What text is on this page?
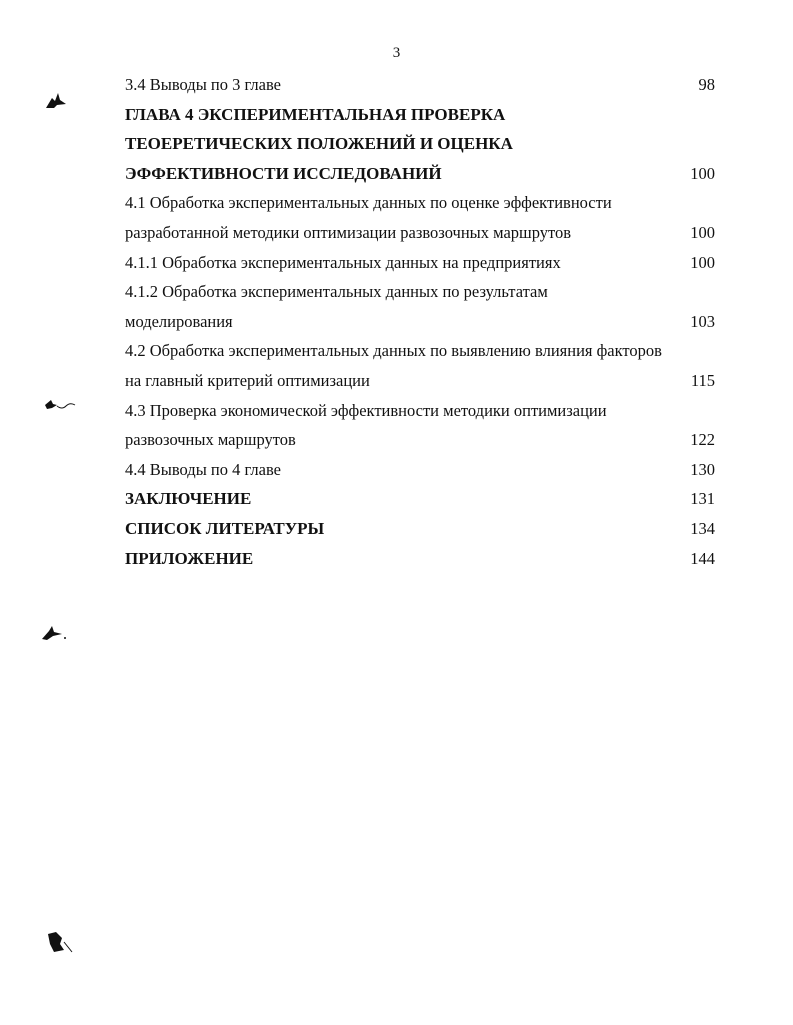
3
3.4 Выводы по 3 главе	98
ГЛАВА 4 ЭКСПЕРИМЕНТАЛЬНАЯ ПРОВЕРКА
ТЕОЕРЕТИЧЕСКИХ ПОЛОЖЕНИЙ И ОЦЕНКА
ЭФФЕКТИВНОСТИ ИССЛЕДОВАНИЙ	100
4.1 Обработка экспериментальных данных по оценке эффективности
разработанной методики оптимизации развозочных маршрутов	100
4.1.1 Обработка экспериментальных данных на предприятиях	100
4.1.2 Обработка экспериментальных данных по результатам
моделирования	103
4.2 Обработка экспериментальных данных по выявлению влияния факторов
на главный критерий оптимизации	115
4.3 Проверка экономической эффективности методики оптимизации
развозочных маршрутов	122
4.4 Выводы по 4 главе	130
ЗАКЛЮЧЕНИЕ	131
СПИСОК ЛИТЕРАТУРЫ	134
ПРИЛОЖЕНИЕ	144
